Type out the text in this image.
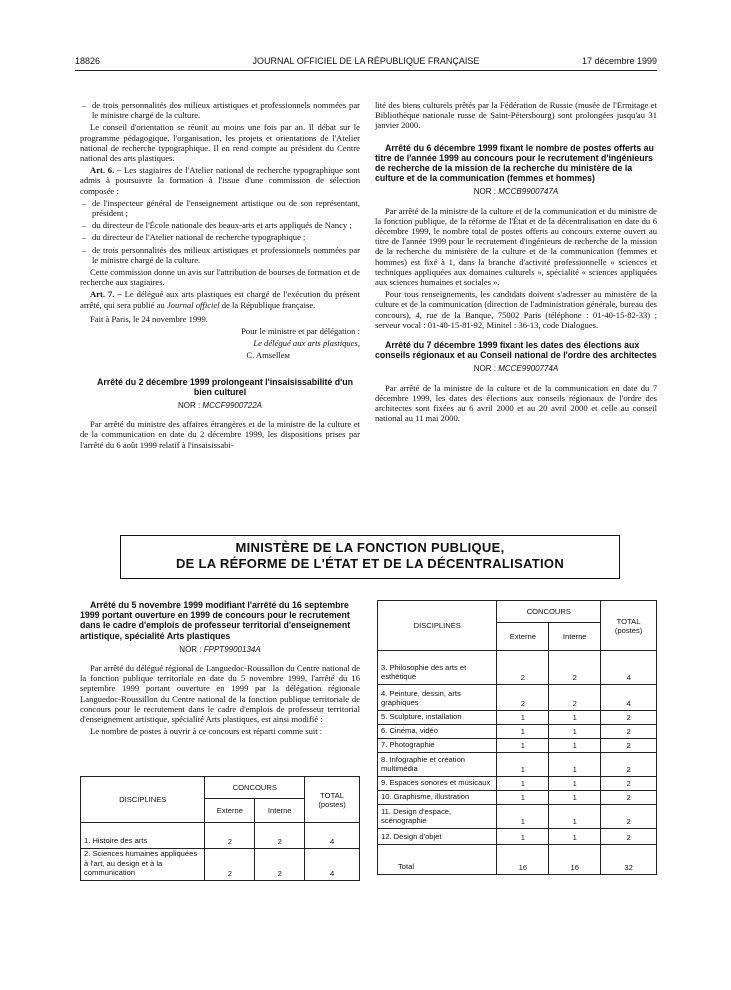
18826	JOURNAL OFFICIEL DE LA RÉPUBLIQUE FRANÇAISE	17 décembre 1999

– de trois personnalités des milieux artistiques et professionnels nommées par le ministre chargé de la culture.

Le conseil d'orientation se réunit au moins une fois par an. Il débat sur le programme pédagogique, l'organisation, les projets et orientations de l'Atelier national de recherche typographique. Il en rend compte au président du Centre national des arts plastiques.

Art. 6. – Les stagiaires de l'Atelier national de recherche typographique sont admis à poursuivre la formation à l'issue d'une commission de sélection composée :

– de l'inspecteur général de l'enseignement artistique ou de son représentant, président ;

– du directeur de l'École nationale des beaux-arts et arts appliqués de Nancy ;

– du directeur de l'Atelier national de recherche typographique ;

– de trois personnalités des milieux artistiques et professionnels nommées par le ministre chargé de la culture.

Cette commission donne un avis sur l'attribution de bourses de formation et de recherche aux stagiaires.

Art. 7. – Le délégué aux arts plastiques est chargé de l'exécution du présent arrêté, qui sera publié au Journal officiel de la République française.

Fait à Paris, le 24 novembre 1999.

Pour le ministre et par délégation :

Le délégué aux arts plastiques,

C. Amselleм

Arrêté du 2 décembre 1999 prolongeant l'insaisissabilité d'un bien culturel

NOR : MCCF9900722A

Par arrêté du ministre des affaires étrangères et de la ministre de la culture et de la communication en date du 2 décembre 1999, les dispositions prises par l'arrêté du 6 août 1999 relatif à l'insaisissabi-

lité des biens culturels prêtés par la Fédération de Russie (musée de l'Ermitage et Bibliothèque nationale russe de Saint-Pétersbourg) sont prolongées jusqu'au 31 janvier 2000.

Arrêté du 6 décembre 1999 fixant le nombre de postes offerts au titre de l'année 1999 au concours pour le recrutement d'ingénieurs de recherche de la mission de la recherche du ministère de la culture et de la communication (femmes et hommes)

NOR : MCCB9900747A

Par arrêté de la ministre de la culture et de la communication et du ministre de la fonction publique, de la réforme de l'État et de la décentralisation en date du 6 décembre 1999, le nombre total de postes offerts au concours externe ouvert au titre de l'année 1999 pour le recrutement d'ingénieurs de recherche de la mission de la recherche du ministère de la culture et de la communication (femmes et hommes) est fixé à 1, dans la branche d'activité professionnelle « sciences et techniques appliquées aux domaines culturels », spécialité « sciences appliquées aux sciences humaines et sociales ».

Pour tous renseignements, les candidats doivent s'adresser au ministère de la culture et de la communication (direction de l'administration générale, bureau des concours), 4, rue de la Banque, 75002 Paris (téléphone : 01-40-15-82-33) ; serveur vocal : 01-40-15-81-92, Minitel : 36-13, code Dialogues.

Arrêté du 7 décembre 1999 fixant les dates des élections aux conseils régionaux et au Conseil national de l'ordre des architectes

NOR : MCCE9900774A

Par arrêté de la ministre de la culture et de la communication en date du 7 décembre 1999, les dates des élections aux conseils régionaux de l'ordre des architectes sont fixées au 6 avril 2000 et au 20 avril 2000 et celle au conseil national au 11 mai 2000.

MINISTÈRE DE LA FONCTION PUBLIQUE,
DE LA RÉFORME DE L'ÉTAT ET DE LA DÉCENTRALISATION

Arrêté du 5 novembre 1999 modifiant l'arrêté du 16 septembre 1999 portant ouverture en 1999 de concours pour le recrutement dans le cadre d'emplois de professeur territorial d'enseignement artistique, spécialité Arts plastiques

NOR : FPPT9900134A

Par arrêté du délégué régional de Languedoc-Roussillon du Centre national de la fonction publique territoriale en date du 5 novembre 1999, l'arrêté du 16 septembre 1999 portant ouverture en 1999 par la délégation régionale Languedoc-Roussillon du Centre national de la fonction publique territoriale de concours pour le recrutement dans le cadre d'emplois de professeur territorial d'enseignement artistique, spécialité Arts plastiques, est ainsi modifié :

Le nombre de postes à ouvrir à ce concours est réparti comme suit :

DISCIPLINES	CONCOURS		TOTAL (postes)
	Externe	Interne	
1. Histoire des arts	2	2	4
2. Sciences humaines appliquées à l'art, au design et à la communication	2	2	4
DISCIPLINES	CONCOURS		TOTAL (postes)
	Externe	Interne	
3. Philosophie des arts et esthétique	2	2	4
4. Peinture, dessin, arts graphiques	2	2	4
5. Sculpture, installation	1	1	2
6. Cinéma, vidéo	1	1	2
7. Photographie	1	1	2
8. Infographie et création multimédia	1	1	2
9. Espaces sonores et musicaux	1	1	2
10. Graphisme, illustration	1	1	2
11. Design d'espace, scénographie	1	1	2
12. Design d'objet	1	1	2
Total	16	16	32
